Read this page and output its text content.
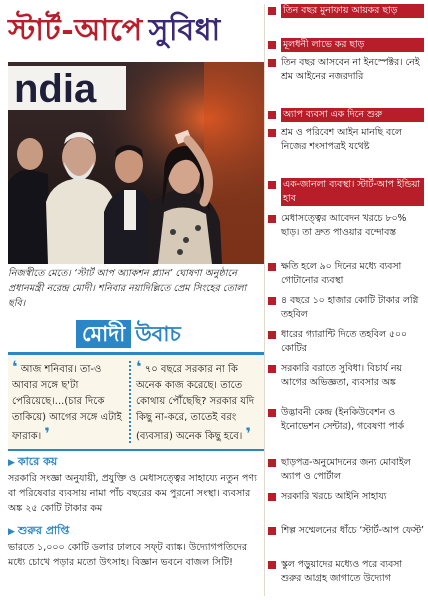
স্টার্ট-আপে সুবিধা
ndia
নিজস্বীতে মেতে। ‘স্টার্ট আপ অ্যাকশন প্ল্যান’ ঘোষণা অনুষ্ঠানে প্রধানমন্ত্রী নরেন্দ্র মোদী। শনিবার নয়াদিল্লিতে প্রেম সিংহের তোলা ছবি।
মোদী উবাচ
❛ আজ শনিবার। তা-ও আবার সঙ্গে ছ'টা পেরিয়েছে।...(চার দিকে তাকিয়ে) আগের সঙ্গে এটাই ফারাক। ❜
❛ ৭০ বছরে সরকার না কি অনেক কাজ করেছে। তাতে কোথায় পৌঁছেছি? সরকার যদি কিছু না-করে, তাতেই বরং (ব্যবসার) অনেক কিছু হবে। ❜
▶ কারে কয়
সরকারি সংজ্ঞা অনুযায়ী, প্রযুক্তি ও মেধাসত্ত্বের সাহায্যে নতুন পণ্য বা পরিষেবার ব্যবসায় নামা পাঁচ বছরের কম পুরনো সংস্থা। ব্যবসার অঙ্ক ২৫ কোটি টাকার কম
▶ শুরুর প্রাপ্তি
ভারতে ১,০০০ কোটি ডলার ঢালবে সফ্‌ট ব্যাঙ্ক। উদ্যোগপতিদের মধ্যে চোখে পড়ার মতো উৎসাহ। বিজ্ঞান ভবনে বাজল সিটি!
তিন বছর মুনাফায় আয়কর ছাড়
মূলধনী লাভে কর ছাড়
তিন বছর আসবেন না ইনস্পেক্টর। নেই শ্রম আইনের নজরদারি
অ্যাপ ব্যবসা এক দিনে শুরু
শ্রম ও পরিবেশ আইন মানছি বলে নিজের শংসাপত্রই যথেষ্ট
এক-জানলা ব্যবস্থা। স্টার্ট-আপ ইন্ডিয়া হাব
মেধাসত্ত্বের আবেদন খরচে ৮০% ছাড়। তা দ্রুত পাওয়ার বন্দোবস্ত
ক্ষতি হলে ৯০ দিনের মধ্যে ব্যবসা গোটানোর ব্যবস্থা
৪ বছরে ১০ হাজার কোটি টাকার লগ্নি তহবিল
ধারের গ্যারান্টি দিতে তহবিল ৫০০ কোটির
সরকারি বরাতে সুবিধা। বিচার্য নয় আগের অভিজ্ঞতা, ব্যবসার অঙ্ক
উদ্ভাবনী কেন্দ্র (ইনকিউবেশন ও ইনোভেশন সেন্টার), গবেষণা পার্ক
ছাড়পত্র-অনুমোদনের জন্য মোবাইল অ্যাপ ও পোর্টাল
সরকারি খরচে আইনি সাহায্য
শিল্প সম্মেলনের ধাঁচে ‘স্টার্ট-আপ ফেস্ট’
স্কুল পড়ুয়াদের মধ্যেও পরে ব্যবসা শুরুর আগ্রহ জাগাতে উদ্যোগ
